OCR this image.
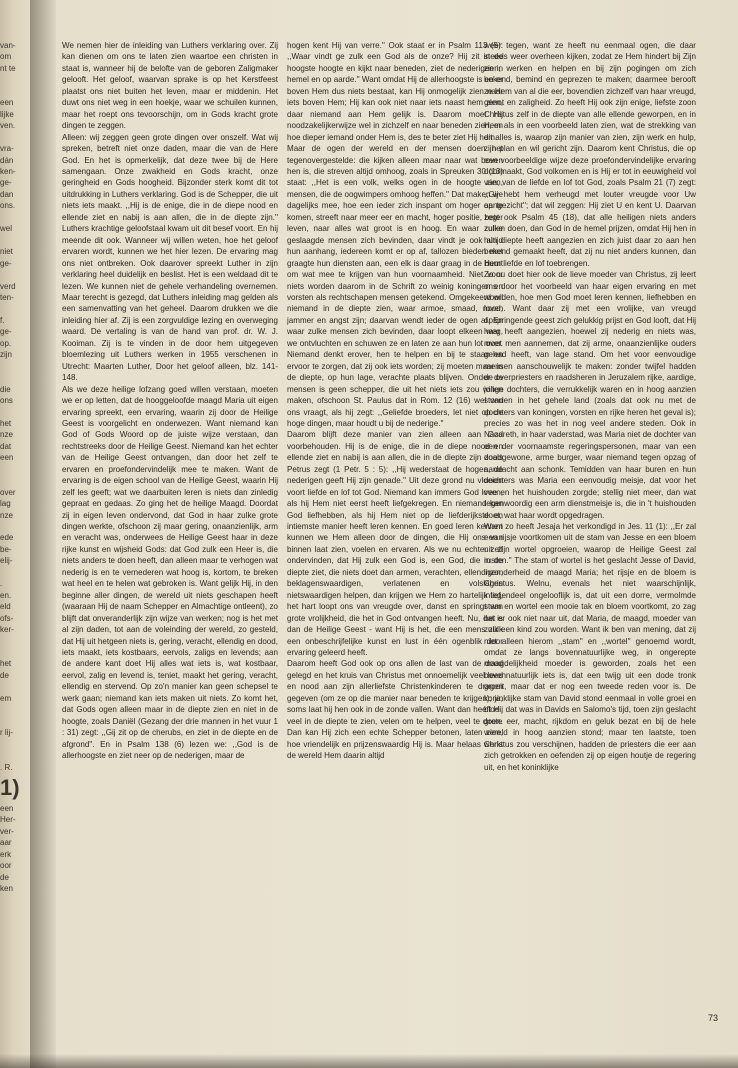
van-
om
nt te

een
lijke
ven.

vra-
dán
ken-
ge-
dan
ons.

wel

niet
ge-

verd
ten-

f.
ge-
op.
zijn

die
ons

het
nze
dat
een

over
lag
nze

ede
be-
elij-

.
en.
eld
ofs-
ker-

het
de

em

r lij-

. R.
1)
een
Her-
ver-
aar
erk
oor
de
ken

We nemen hier de inleiding van Luthers verklaring over. Zij kan dienen om ons te laten zien waartoe een christen in staat is, wanneer hij de belofte van de geboren Zaligmaker gelooft. Het geloof, waarvan sprake is op het Kerstfeest plaatst ons niet buiten het leven, maar er middenin. Het duwt ons niet weg in een hoekje, waar we schuilen kunnen, maar het roept ons tevoorschijn, om in Gods kracht grote dingen te zeggen.

Alleen: wij zeggen geen grote dingen over onszelf. Wat wij spreken, betreft niet onze daden, maar die van de Here God. En het is opmerkelijk, dat deze twee bij de Here samengaan. Onze zwakheid en Gods kracht, onze geringheid en Gods hoogheid. Bijzonder sterk komt dit tot uitdrukking in Luthers verklaring. God is de Schepper, die uit niets iets maakt. ,,Hij is de enige, die in de diepe nood en ellende ziet en nabij is aan allen, die in de diepte zijn.'' Luthers krachtige geloofstaal kwam uit dit besef voort. En hij meende dit ook. Wanneer wij willen weten, hoe het geloof ervaren wordt, kunnen we het hier lezen. De ervaring mag ons niet ontbreken. Ook daarover spreekt Luther in zijn verklaring heel duidelijk en beslist. Het is een weldaad dit te lezen. We kunnen niet de gehele verhandeling overnemen. Maar terecht is gezegd, dat Luthers inleiding mag gelden als een samenvatting van het geheel. Daarom drukken we die inleiding hier af. Zij is een zorgvuldige lezing en overweging waard. De vertaling is van de hand van prof. dr. W. J. Kooiman. Zij is te vinden in de door hem uitgegeven bloemlezing uit Luthers werken in 1955 verschenen in Utrecht: Maarten Luther, Door het geloof alleen, blz. 141-148.

Als we deze heilige lofzang goed willen verstaan, moeten we er op letten, dat de hooggeloofde maagd Maria uit eigen ervaring spreekt, een ervaring, waarin zij door de Heilige Geest is voorgelicht en onderwezen. Want niemand kan God of Gods Woord op de juiste wijze verstaan, dan rechtstreeks door de Heilige Geest. Niemand kan het echter van de Heilige Geest ontvangen, dan door het zelf te ervaren en proefondervindelijk mee te maken. Want de ervaring is de eigen school van de Heilige Geest, waarin Hij zelf les geeft; wat we daarbuiten leren is niets dan zinledig gepraat en gedaas. Zo ging het de heilige Maagd. Doordat zij in eigen leven ondervond, dat God in haar zulke grote dingen werkte, ofschoon zij maar gering, onaanzienlijk, arm en veracht was, onderwees de Heilige Geest haar in deze rijke kunst en wijsheid Gods: dat God zulk een Heer is, die niets anders te doen heeft, dan alleen maar te verhogen wat nederig is en te vernederen wat hoog is, kortom, te breken wat heel en te helen wat gebroken is. Want gelijk Hij, in den beginne aller dingen, de wereld uit niets geschapen heeft (waaraan Hij de naam Schepper en Almachtige ontleent), zo blijft dat onveranderlijk zijn wijze van werken; nog is het met al zijn daden, tot aan de voleinding der wereld, zo gesteld, dat Hij uit hetgeen niets is, gering, veracht, ellendig en dood, iets maakt, iets kostbaars, eervols, zaligs en levends; aan de andere kant doet Hij alles wat iets is, wat kostbaar, eervol, zalig en levend is, teniet, maakt het gering, veracht, ellendig en stervend. Op zo'n manier kan geen schepsel te werk gaan; niemand kan iets maken uit niets. Zo komt het, dat Gods ogen alleen maar in de diepte zien en niet in de hoogte, zoals Daniël (Gezang der drie mannen in het vuur 1 : 31) zegt: ,,Gij zit op de cherubs, en ziet in de diepte en de afgrond''. En in Psalm 138 (6) lezen we: ,,God is de allerhoogste en ziet neer op de nederigen, maar de

hogen kent Hij van verre.'' Ook staat er in Psalm 113 (5): ,,Waar vindt ge zulk een God als de onze? Hij zit in de hoogste hoogte en kijkt naar beneden, ziet de nederigen in hemel en op aarde.'' Want omdat Hij de allerhoogste is en er boven Hem dus niets bestaat, kan Hij onmogelijk zien naar iets boven Hem; Hij kan ook niet naar iets naast hem zien, daar niemand aan Hem gelijk is. Daarom moet Hij noodzakelijkerwijze wel in zichzelf en naar beneden zien, en hoe dieper iemand onder Hem is, des te beter ziet Hij hem.

Maar de ogen der wereld en der mensen doen het tegenovergestelde: die kijken alleen maar naar wat boven hen is, die streven altijd omhoog, zoals in Spreuken 30 (13) staat: ,,Het is een volk, welks ogen in de hoogte zien, mensen, die de oogwimpers omhoog heffen.'' Dat maken we dagelijks mee, hoe een ieder zich inspant om hoger op te komen, streeft naar meer eer en macht, hoger positie, beter leven, naar alles wat groot is en hoog. En waar zulke geslaagde mensen zich bevinden, daar vindt je ook altijd hun aanhang, iedereen komt er op af, tallozen bieden met graagte hun diensten aan, een elk is daar graag in de buurt om wat mee te krijgen van hun voornaamheid. Niet voor niets worden daarom in de Schrift zo weinig koningen en vorsten als rechtschapen mensen getekend. Omgekeerd wil niemand in de diepte zien, waar armoe, smaad, nood, jammer en angst zijn; daarvan wendt ieder de ogen af. En waar zulke mensen zich bevinden, daar loopt elkeen weg, we ontvluchten en schuwen ze en laten ze aan hun lot over. Niemand denkt erover, hen te helpen en bij te staan en ervoor te zorgen, dat zij ook iets worden; zij moeten maar in de diepte, op hun lage, verachte plaats blijven. Onder de mensen is geen schepper, die uit het niets iets zou willen maken, ofschoon St. Paulus dat in Rom. 12 (16) wel van ons vraagt, als hij zegt: ,,Geliefde broeders, let niet op de hoge dingen, maar houdt u bij de nederige.''

Daarom blijft deze manier van zien alleen aan God voorbehouden. Hij is de enige, die in de diepe nood en ellende ziet en nabij is aan allen, die in de diepte zijn zoals Petrus zegt (1 Petr. 5 : 5): ,,Hij wederstaat de hogen, de nederigen geeft Hij zijn genade.'' Uit deze grond nu vloeien voort liefde en lof tot God. Niemand kan immers God loven, als hij Hem niet eerst heeft liefgekregen. En niemand kan God liefhebben, als hij Hem niet op de liefderijkste en intiemste manier heeft leren kennen. En goed leren kennen kunnen we Hem alleen door de dingen, die Hij ons van binnen laat zien, voelen en ervaren. Als we nu echter zelf ondervinden, dat Hij zulk een God is, een God, die in de diepte ziet, die niets doet dan armen, verachten, ellendigen, beklagenswaardigen, verlatenen en volslagen nietswaardigen helpen, dan krijgen we Hem zo hartelijk lief, het hart loopt ons van vreugde over, danst en springt van grote vrolijkheid, die het in God ontvangen heeft. Nu, dat is dan de Heilige Geest - want Hij is het, die een mens zulk een onbeschrijfelijke kunst en lust in één ogenblik door ervaring geleerd heeft.

Daarom heeft God ook op ons allen de last van de dood gelegd en het kruis van Christus met onnoemelijk veel leed en nood aan zijn allerliefste Christenkinderen te dragen gegeven (om ze op die manier naar beneden te krijgen); ja, soms laat hij hen ook in de zonde vallen. Want dan heeft Hij veel in de diepte te zien, velen om te helpen, veel te doen. Dan kan Hij zich een echte Schepper betonen, laten zien, hoe vriendelijk en prijzenswaardig Hij is. Maar helaas werkt de wereld Hem daarin altijd

weer tegen, want ze heeft nu eenmaal ogen, die daar steeds weer overheen kijken, zodat ze Hem hindert bij Zijn zien, werken en helpen en bij zijn pogingen om zich bekend, bemind en geprezen te maken; daarmee berooft ze Hem van al die eer, bovendien zichzelf van haar vreugd, genot en zaligheid. Zo heeft Hij ook zijn enige, liefste zoon Christus zelf in de diepte van alle ellende geworpen, en in Hem als in een voorbeeld laten zien, wat de strekking van dit alles is, waarop zijn manier van zien, zijn werk en hulp, zijn plan en wil gericht zijn. Daarom kent Christus, die op een voorbeeldige wijze deze proefondervindelijke ervaring doormaakt, God volkomen en is Hij er tot in eeuwigheid vol van, van de liefde en lof tot God, zoals Psalm 21 (7) zegt: ,,Gij hebt hem verheugd met louter vreugde voor Uw aangezicht''; dat wil zeggen: Hij ziet U en kent U. Daarvan zegt ook Psalm 45 (18), dat alle heiligen niets anders zullen doen, dan God in de hemel prijzen, omdat Hij hen in hun diepte heeft aangezien en zich juist daar zo aan hen bekend gemaakt heeft, dat zij nu niet anders kunnen, dan Hem liefde en lof toebrengen.

Zo nu doet hier ook de lieve moeder van Christus, zij leert ons door het voorbeeld van haar eigen ervaring en met woorden, hoe men God moet leren kennen, liefhebben en loven. Want daar zij met een vrolijke, van vreugd opspringende geest zich gelukkig prijst en God looft, dat Hij haar heeft aangezien, hoewel zij nederig en niets was, moet men aannemen, dat zij arme, onaanzienlijke ouders gehad heeft, van lage stand. Om het voor eenvoudige mensen aanschouwelijk te maken: zonder twijfel hadden de overpriesters en raadsheren in Jeruzalem rijke, aardige, jonge dochters, die verrukkelijk waren en in hoog aanzien stonden in het gehele land (zoals dat ook nu met de dochters van koningen, vorsten en rijke heren het geval is); precies zo was het in nog veel andere steden. Ook in Nazareth, in haar vaderstad, was Maria niet de dochter van een der voornaamste regeringspersonen, maar van een doodgewone, arme burger, waar niemand tegen opzag of aandacht aan schonk. Temidden van haar buren en hun dochters was Maria een eenvoudig meisje, dat voor het vee en het huishouden zorgde; stellig niet meer, dan wat tegenwoordig een arm dienstmeisje is, die in 't huishouden doet, wat haar wordt opgedragen.

Want zo heeft Jesaja het verkondigd in Jes. 11 (1): ,,Er zal een rijsje voortkomen uit de stam van Jesse en een bloem uit zijn wortel opgroeien, waarop de Heilige Geest zal rusten.'' The stam of wortel is het geslacht Jesse of David, inzonderheid de maagd Maria; het rijsje en de bloem is Christus. Welnu, evenals het niet waarschijnlijk, integendeel ongelooflijk is, dat uit een dorre, vermolmde stam en wortel een mooie tak en bloem voortkomt, zo zag het er ook niet naar uit, dat Maria, de maagd, moeder van zulk een kind zou worden. Want ik ben van mening, dat zij niet alleen hierom ,,stam'' en ,,wortel'' genoemd wordt, omdat ze langs bovennatuurlijke weg, in ongerepte maagdelijkheid moeder is geworden, zoals het een bovennatuurlijk iets is, dat een twijg uit een dode tronk groeit, maar dat er nog een tweede reden voor is. De koninklijke stam van David stond eenmaal in volle groei en bloei, dat was in Davids en Salomo's tijd, toen zijn geslacht grote eer, macht, rijkdom en geluk bezat en bij de hele wereld in hoog aanzien stond; maar ten laatste, toen Christus zou verschijnen, hadden de priesters die eer aan zich getrokken en oefenden zij op eigen houtje de regering uit, en het koninklijke

73
